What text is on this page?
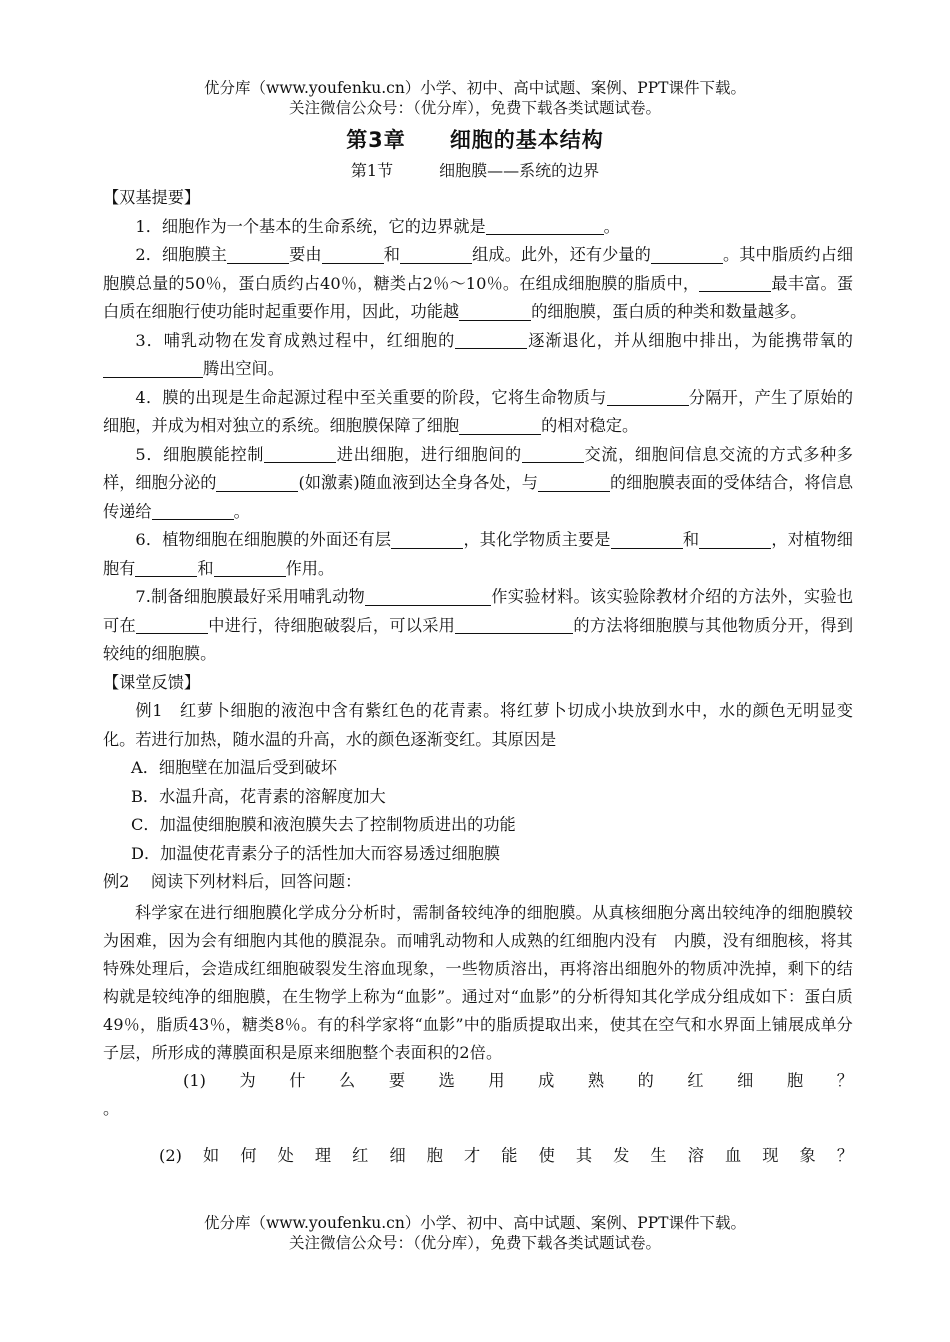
优分库（www.youfenku.cn）小学、初中、高中试题、案例、PPT课件下载。
关注微信公众号：（优分库），免费下载各类试题试卷。
第3章 细胞的基本结构
第1节	细胞膜——系统的边界

【双基提要】

1．细胞作为一个基本的生命系统，它的边界就是	。

2．细胞膜主	要由	和	组成。此外，还有少量的	。其中脂质约占细胞膜总量的50％，蛋白质约占40％，糖类占2％～10％。在组成细胞膜的脂质中，	最丰富。蛋白质在细胞行使功能时起重要作用，因此，功能越	的细胞膜，蛋白质的种类和数量越多。

3．哺乳动物在发育成熟过程中，红细胞的	逐渐退化，并从细胞中排出，为能携带氧的腾出空间。

4．膜的出现是生命起源过程中至关重要的阶段，它将生命物质与	分隔开，产生了原始的细胞，并成为相对独立的系统。细胞膜保障了细胞	的相对稳定。

5．细胞膜能控制	进出细胞，进行细胞间的	交流，细胞间信息交流的方式多种多样，细胞分泌的	(如激素)随血液到达全身各处，与	的细胞膜表面的受体结合，将信息传递给	。

6．植物细胞在细胞膜的外面还有层	，其化学物质主要是	和	，对植物细胞有	和	作用。

7.制备细胞膜最好采用哺乳动物	作实验材料。该实验除教材介绍的方法外，实验也可在	中进行，待细胞破裂后，可以采用	的方法将细胞膜与其他物质分开，得到较纯的细胞膜。

【课堂反馈】

例1　红萝卜细胞的液泡中含有紫红色的花青素。将红萝卜切成小块放到水中，水的颜色无明显变化。若进行加热，随水温的升高，水的颜色逐渐变红。其原因是

A．细胞壁在加温后受到破坏

B．水温升高，花青素的溶解度加大

C．加温使细胞膜和液泡膜失去了控制物质进出的功能

D．加温使花青素分子的活性加大而容易透过细胞膜

例2　 阅读下列材料后，回答问题：

科学家在进行细胞膜化学成分分析时，需制备较纯净的细胞膜。从真核细胞分离出较纯净的细胞膜较为困难，因为会有细胞内其他的膜混杂。而哺乳动物和人成熟的红细胞内没有　内膜，没有细胞核，将其特殊处理后，会造成红细胞破裂发生溶血现象，一些物质溶出，再将溶出细胞外的物质冲洗掉，剩下的结构就是较纯净的细胞膜，在生物学上称为“血影”。通过对“血影”的分析得知其化学成分组成如下：蛋白质49％，脂质43％，糖类8％。有的科学家将“血影”中的脂质提取出来，使其在空气和水界面上铺展成单分子层，所形成的薄膜面积是原来细胞整个表面积的2倍。

(1) 为 什 么 要 选 用 成 熟 的 红 细 胞 ？
。
(2) 如 何 处 理 红 细 胞 才 能 使 其 发 生 溶 血 现 象 ？
优分库（www.youfenku.cn）小学、初中、高中试题、案例、PPT课件下载。
关注微信公众号：（优分库），免费下载各类试题试卷。
